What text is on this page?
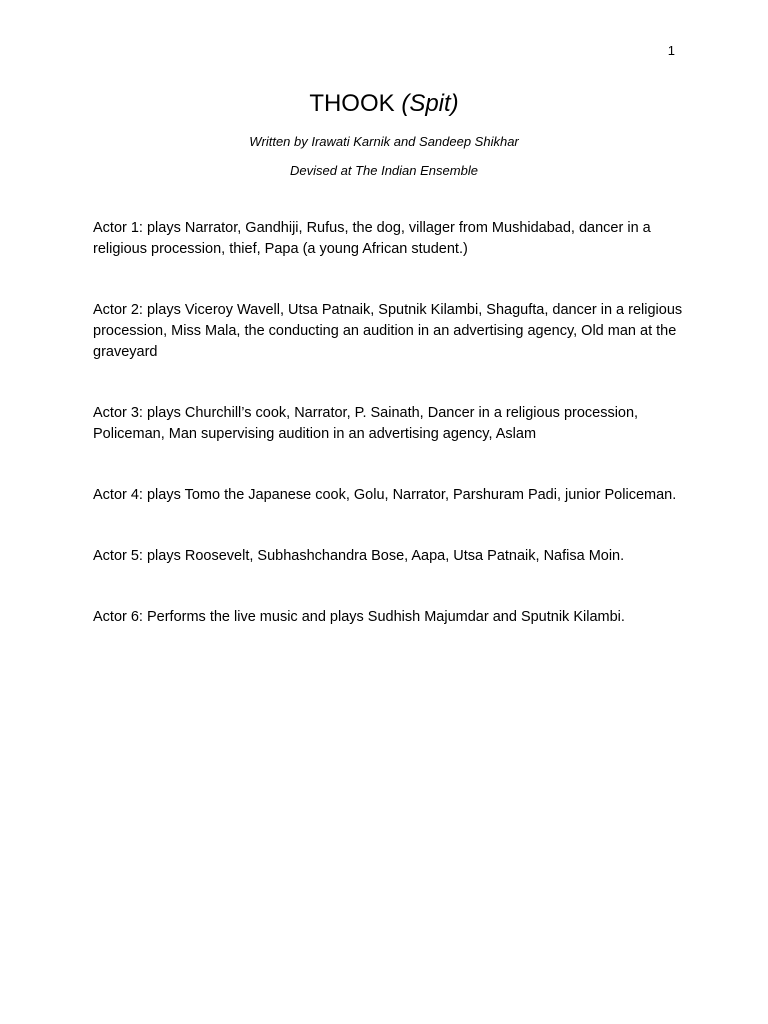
1
THOOK (Spit)
Written by Irawati Karnik and Sandeep Shikhar
Devised at The Indian Ensemble

Actor 1: plays Narrator, Gandhiji, Rufus, the dog, villager from Mushidabad, dancer in a religious procession, thief, Papa (a young African student.)

Actor 2: plays Viceroy Wavell, Utsa Patnaik, Sputnik Kilambi, Shagufta, dancer in a religious procession, Miss Mala, the conducting an audition in an advertising agency, Old man at the graveyard

Actor 3: plays Churchill’s cook, Narrator, P. Sainath, Dancer in a religious procession, Policeman, Man supervising audition in an advertising agency, Aslam

Actor 4: plays Tomo the Japanese cook, Golu, Narrator, Parshuram Padi, junior Policeman.

Actor 5: plays Roosevelt, Subhashchandra Bose, Aapa, Utsa Patnaik, Nafisa Moin.

Actor 6: Performs the live music and plays Sudhish Majumdar and Sputnik Kilambi.
